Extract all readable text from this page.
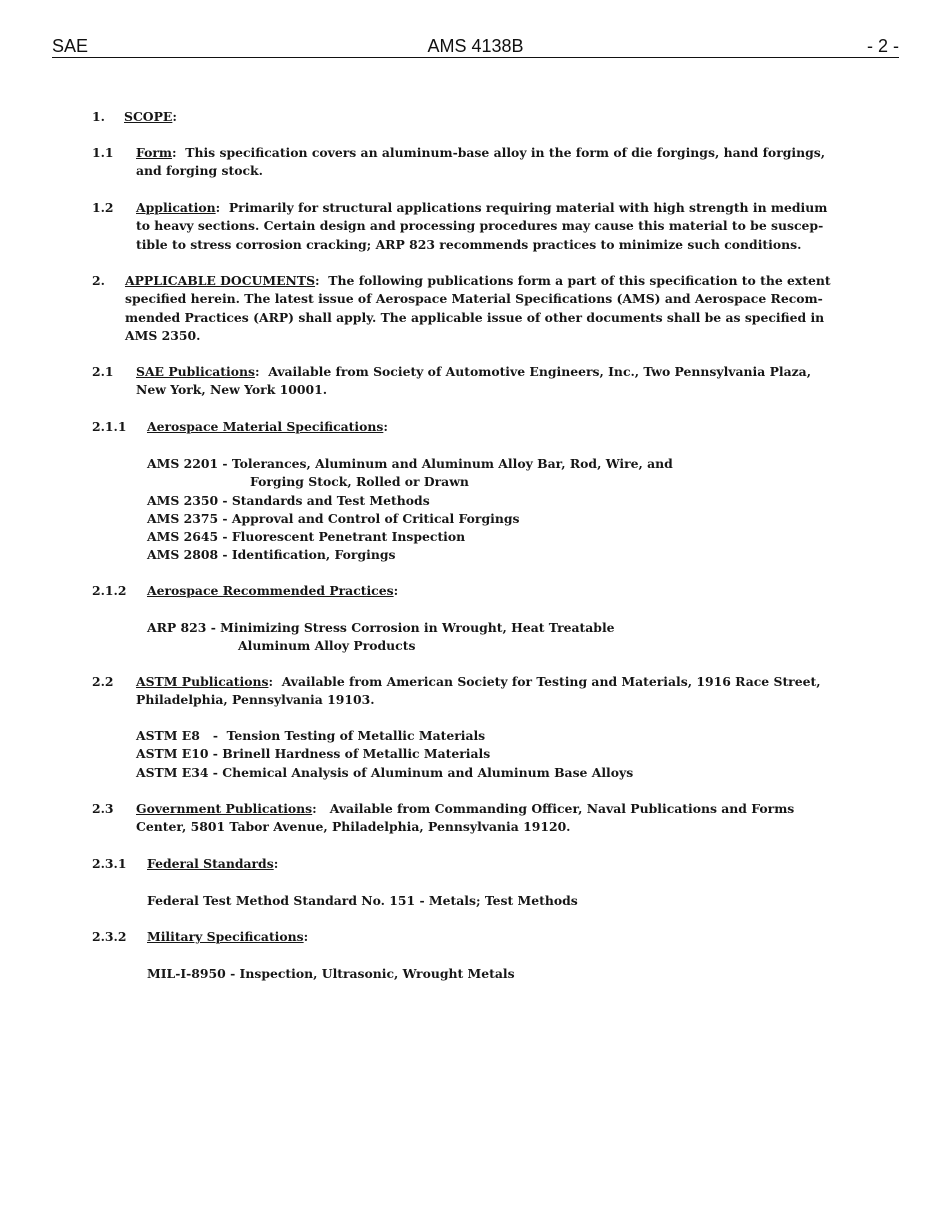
SAE	AMS 4138B	- 2 -
1. SCOPE:
1.1 Form: This specification covers an aluminum-base alloy in the form of die forgings, hand forgings,
and forging stock.
1.2 Application: Primarily for structural applications requiring material with high strength in medium
to heavy sections. Certain design and processing procedures may cause this material to be suscep-
tible to stress corrosion cracking; ARP 823 recommends practices to minimize such conditions.
2. APPLICABLE DOCUMENTS: The following publications form a part of this specification to the extent
specified herein. The latest issue of Aerospace Material Specifications (AMS) and Aerospace Recom-
mended Practices (ARP) shall apply. The applicable issue of other documents shall be as specified in
AMS 2350.
2.1 SAE Publications: Available from Society of Automotive Engineers, Inc., Two Pennsylvania Plaza,
New York, New York 10001.
2.1.1 Aerospace Material Specifications:
AMS 2201 - Tolerances, Aluminum and Aluminum Alloy Bar, Rod, Wire, and
Forging Stock, Rolled or Drawn
AMS 2350 - Standards and Test Methods
AMS 2375 - Approval and Control of Critical Forgings
AMS 2645 - Fluorescent Penetrant Inspection
AMS 2808 - Identification, Forgings
2.1.2 Aerospace Recommended Practices:
ARP 823 - Minimizing Stress Corrosion in Wrought, Heat Treatable
Aluminum Alloy Products
2.2 ASTM Publications: Available from American Society for Testing and Materials, 1916 Race Street,
Philadelphia, Pennsylvania 19103.
ASTM E8   -  Tension Testing of Metallic Materials
ASTM E10 - Brinell Hardness of Metallic Materials
ASTM E34 - Chemical Analysis of Aluminum and Aluminum Base Alloys
2.3 Government Publications: Available from Commanding Officer, Naval Publications and Forms
Center, 5801 Tabor Avenue, Philadelphia, Pennsylvania 19120.
2.3.1 Federal Standards:
Federal Test Method Standard No. 151 - Metals; Test Methods
2.3.2 Military Specifications:
MIL-I-8950 - Inspection, Ultrasonic, Wrought Metals
